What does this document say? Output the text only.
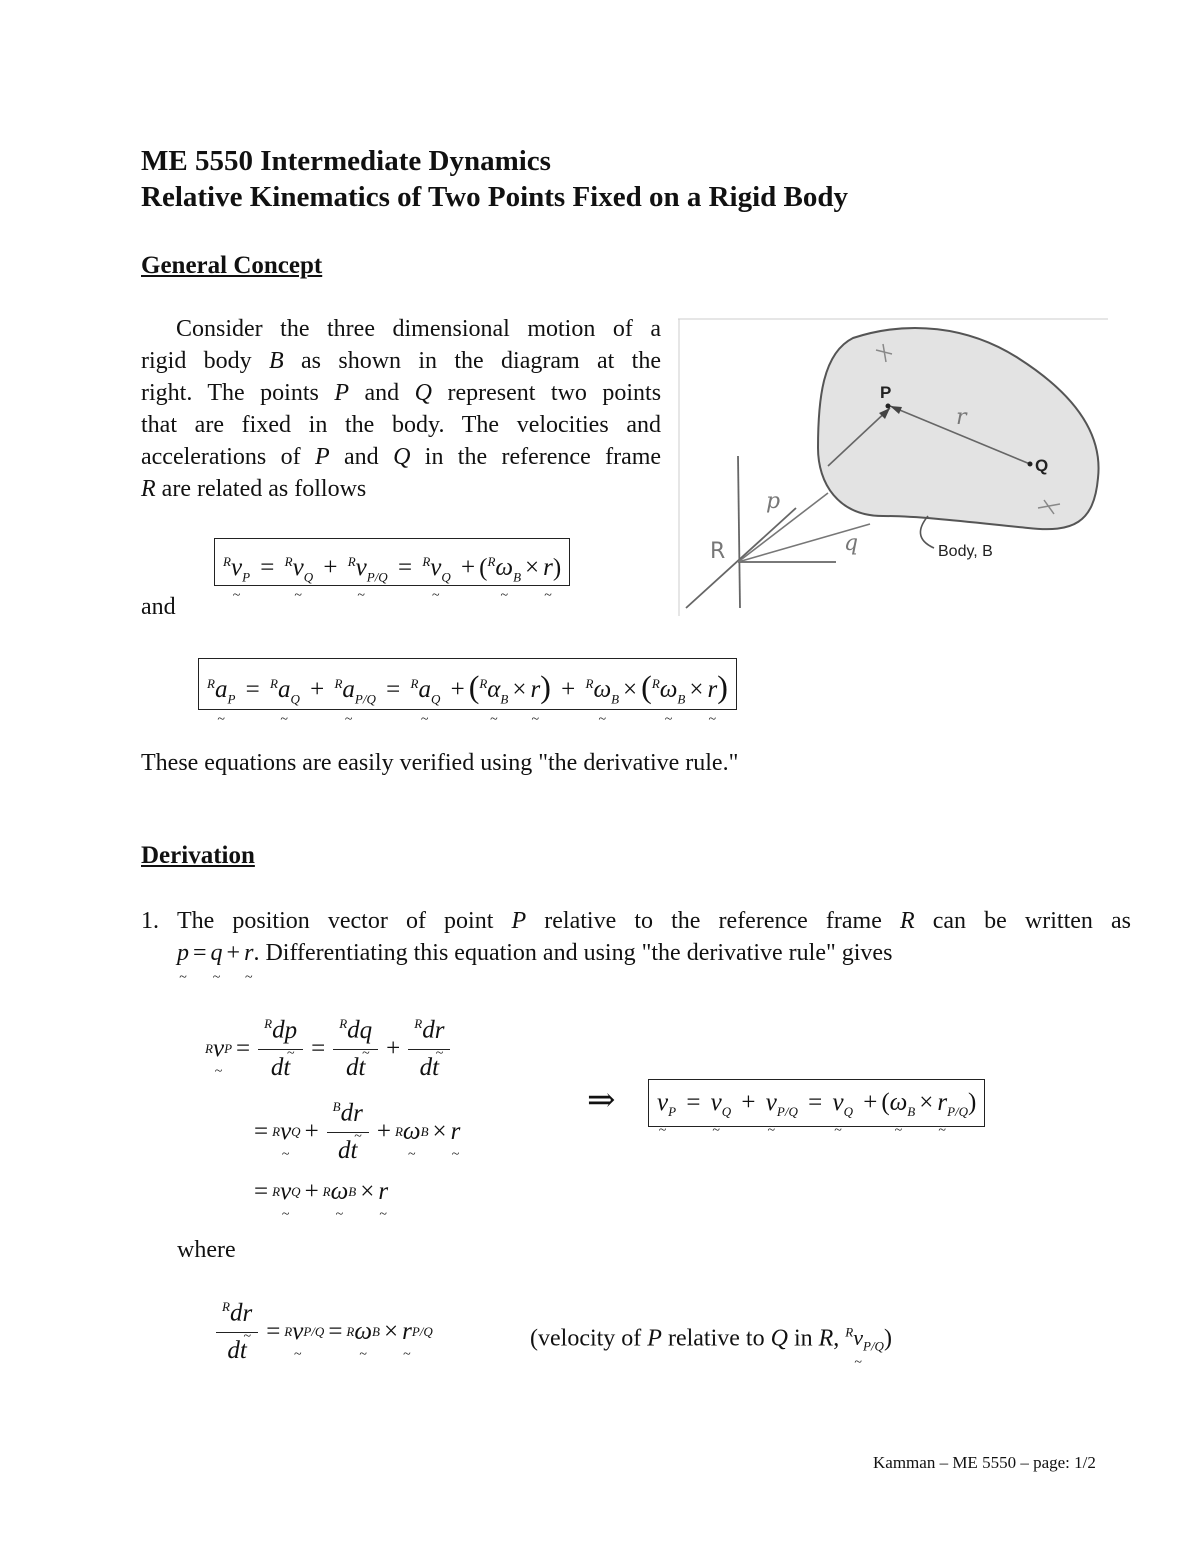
ME 5550 Intermediate Dynamics
Relative Kinematics of Two Points Fixed on a Rigid Body
General Concept
Consider the three dimensional motion of a
rigid body B as shown in the diagram at the
right. The points P and Q represent two points
that are fixed in the body. The velocities and
accelerations of P and Q in the reference frame
R are related as follows
P
Q
R
r
p
q	Body, B
$^R$v $\sim_P = ^Rv$ $\sim_Q + ^Rv$ $\sim_{P/Q} = ^Rv$ $\sim_Q + (^R\omega$ $\sim_B \times r$ ~)
and
$^R$a $\sim_P = ^Ra$ $\sim_Q + ^Ra$ $\sim_{P/Q} = ^Ra$ $\sim_Q + (^R\alpha$ $\sim_B \times r$ ~) + $^R$ω $\sim_B \times (^R\omega$ $\sim_B \times r$ ~)
These equations are easily verified using "the derivative rule."
Derivation
1. The position vector of point P relative to the reference frame R can be written as
p ~ = q ~ + r ~. Differentiating this equation and using "the derivative rule" gives
R v ~ $P = \frac{^Rdp \sim}{dt} = \frac{^Rdq \sim}{dt} + \frac{^Rdr \sim}{dt}$
= R v ~ $Q + \frac{^Bdr \sim}{dt} + R$ ω ~ B × r ~
= R v ~ Q + R ω ~ B × r ~
⇒	v $\sim_P = v$ $\sim_Q + v$ $\sim_{P/Q} = v$ $\sim_Q + (\omega$ $\sim_B \times r$ $\sim_{P/Q}$)
where
$\frac{^Rdr \sim}{dt} = R$ v ~ P/Q = R ω ~ B × r ~ P/Q	(velocity of P relative to Q in R, $^R$v $\sim_{P/Q}$)
Kamman – ME 5550 – page: 1/2
